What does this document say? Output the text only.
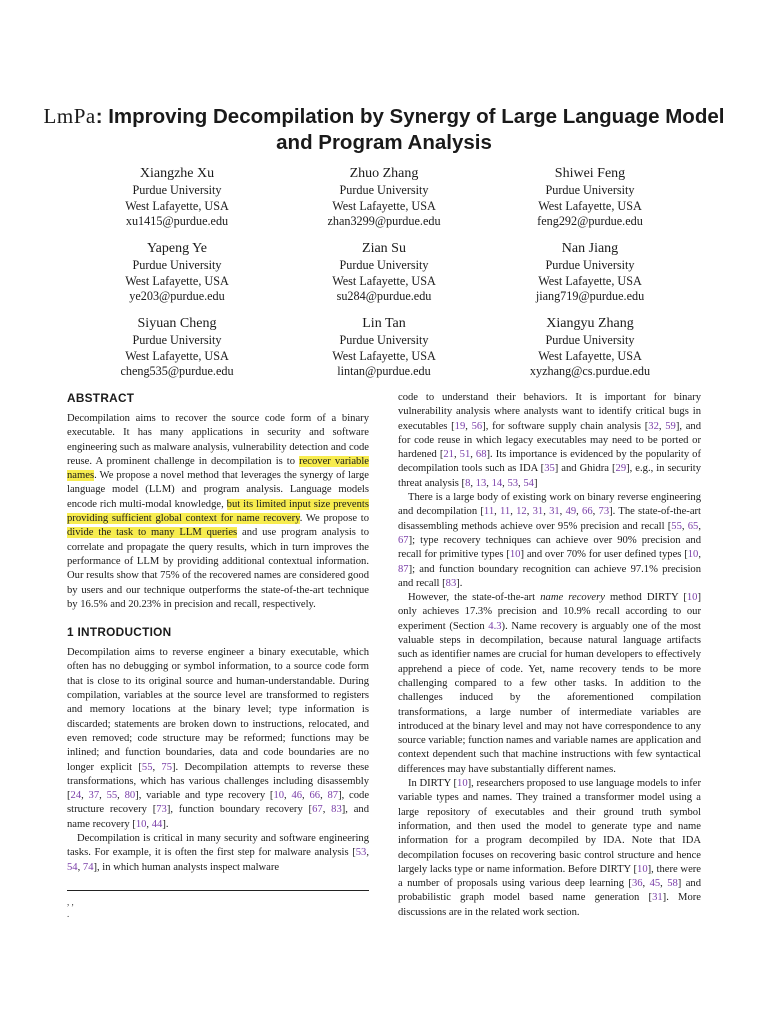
LmPa: Improving Decompilation by Synergy of Large Language Model and Program Analysis
Xiangzhe Xu
Purdue University
West Lafayette, USA
xu1415@purdue.edu
Zhuo Zhang
Purdue University
West Lafayette, USA
zhan3299@purdue.edu
Shiwei Feng
Purdue University
West Lafayette, USA
feng292@purdue.edu
Yapeng Ye
Purdue University
West Lafayette, USA
ye203@purdue.edu
Zian Su
Purdue University
West Lafayette, USA
su284@purdue.edu
Nan Jiang
Purdue University
West Lafayette, USA
jiang719@purdue.edu
Siyuan Cheng
Purdue University
West Lafayette, USA
cheng535@purdue.edu
Lin Tan
Purdue University
West Lafayette, USA
lintan@purdue.edu
Xiangyu Zhang
Purdue University
West Lafayette, USA
xyzhang@cs.purdue.edu
ABSTRACT

Decompilation aims to recover the source code form of a binary executable. It has many applications in security and software engineering such as malware analysis, vulnerability detection and code reuse. A prominent challenge in decompilation is to recover variable names. We propose a novel method that leverages the synergy of large language model (LLM) and program analysis. Language models encode rich multi-modal knowledge, but its limited input size prevents providing sufficient global context for name recovery. We propose to divide the task to many LLM queries and use program analysis to correlate and propagate the query results, which in turn improves the performance of LLM by providing additional contextual information. Our results show that 75% of the recovered names are considered good by users and our technique outperforms the state-of-the-art technique by 16.5% and 20.23% in precision and recall, respectively.

1 INTRODUCTION

Decompilation aims to reverse engineer a binary executable, which often has no debugging or symbol information, to a source code form that is close to its original source and human-understandable. During compilation, variables at the source level are transformed to registers and memory locations at the binary level; type information is discarded; statements are broken down to instructions, relocated, and even removed; code structure may be reformed; functions may be inlined; and function boundaries, data and code boundaries are no longer explicit [55, 75]. Decompilation attempts to reverse these transformations, which has various challenges including disassembly [24, 37, 55, 80], variable and type recovery [10, 46, 66, 87], code structure recovery [73], function boundary recovery [67, 83], and name recovery [10, 44].

Decompilation is critical in many security and software engineering tasks. For example, it is often the first step for malware analysis [53, 54, 74], in which human analysts inspect malware

code to understand their behaviors. It is important for binary vulnerability analysis where analysts want to identify critical bugs in executables [19, 56], for software supply chain analysis [32, 59], and for code reuse in which legacy executables may need to be ported or hardened [21, 51, 68]. Its importance is evidenced by the popularity of decompilation tools such as IDA [35] and Ghidra [29], e.g., in security threat analysis [8, 13, 14, 53, 54]

There is a large body of existing work on binary reverse engineering and decompilation [11, 11, 12, 31, 31, 49, 66, 73]. The state-of-the-art disassembling methods achieve over 95% precision and recall [55, 65, 67]; type recovery techniques can achieve over 90% precision and recall for primitive types [10] and over 70% for user defined types [10, 87]; and function boundary recognition can achieve 97.1% precision and recall [83].

However, the state-of-the-art name recovery method DIRTY [10] only achieves 17.3% precision and 10.9% recall according to our experiment (Section 4.3). Name recovery is arguably one of the most valuable steps in decompilation, because natural language artifacts such as identifier names are crucial for human developers to effectively apprehend a piece of code. Yet, name recovery tends to be more challenging compared to a few other tasks. In addition to the challenges induced by the aforementioned compilation transformations, a large number of intermediate variables are introduced at the binary level and may not have correspondence to any source variable; function names and variable names are application and context dependent such that machine instructions with few syntactical differences may have substantially different names.

In DIRTY [10], researchers proposed to use language models to infer variable types and names. They trained a transformer model using a large repository of executables and their ground truth symbol information, and then used the model to generate type and name information for a program decompiled by IDA. Note that IDA decompilation focuses on recovering basic control structure and hence largely lacks type or name information. Before DIRTY [10], there were a number of proposals using various deep learning [36, 45, 58] and probabilistic graph model based name generation [31]. More discussions are in the related work section.

, ,
.
